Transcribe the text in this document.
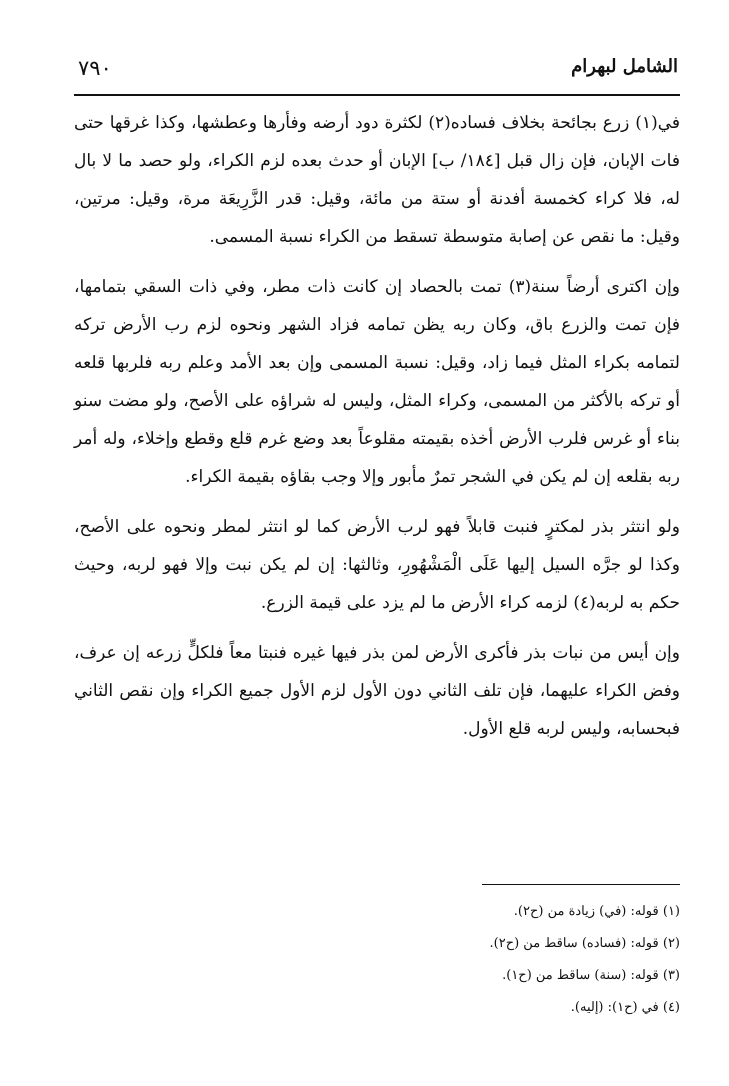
٧٩٠	الشامل لبهرام

في(١) زرع بجائحة بخلاف فساده(٢) لكثرة دود أرضه وفأرها وعطشها، وكذا غرقها حتى فات الإبان، فإن زال قبل [١٨٤/ ب] الإبان أو حدث بعده لزم الكراء، ولو حصد ما لا بال له، فلا كراء كخمسة أفدنة أو ستة من مائة، وقيل: قدر الزَّرِيعَة مرة، وقيل: مرتين، وقيل: ما نقص عن إصابة متوسطة تسقط من الكراء نسبة المسمى.

وإن اكترى أرضاً سنة(٣) تمت بالحصاد إن كانت ذات مطر، وفي ذات السقي بتمامها، فإن تمت والزرع باق، وكان ربه يظن تمامه فزاد الشهر ونحوه لزم رب الأرض تركه لتمامه بكراء المثل فيما زاد، وقيل: نسبة المسمى وإن بعد الأمد وعلم ربه فلربها قلعه أو تركه بالأكثر من المسمى، وكراء المثل، وليس له شراؤه على الأصح، ولو مضت سنو بناء أو غرس فلرب الأرض أخذه بقيمته مقلوعاً بعد وضع غرم قلع وقطع وإخلاء، وله أمر ربه بقلعه إن لم يكن في الشجر تمرٌ مأبور وإلا وجب بقاؤه بقيمة الكراء.

ولو انتثر بذر لمكترٍ فنبت قابلاً فهو لرب الأرض كما لو انتثر لمطر ونحوه على الأصح، وكذا لو جرَّه السيل إليها عَلَى الْمَشْهُورِ، وثالثها: إن لم يكن نبت وإلا فهو لربه، وحيث حكم به لربه(٤) لزمه كراء الأرض ما لم يزد على قيمة الزرع.

وإن أيس من نبات بذر فأكرى الأرض لمن بذر فيها غيره فنبتا معاً فلكلٍّ زرعه إن عرف، وفض الكراء عليهما، فإن تلف الثاني دون الأول لزم الأول جميع الكراء وإن نقص الثاني فبحسابه، وليس لربه قلع الأول.

(١) قوله: (في) زيادة من (ح٢).

(٢) قوله: (فساده) ساقط من (ح٢).

(٣) قوله: (سنة) ساقط من (ح١).

(٤) في (ح١): (إليه).
